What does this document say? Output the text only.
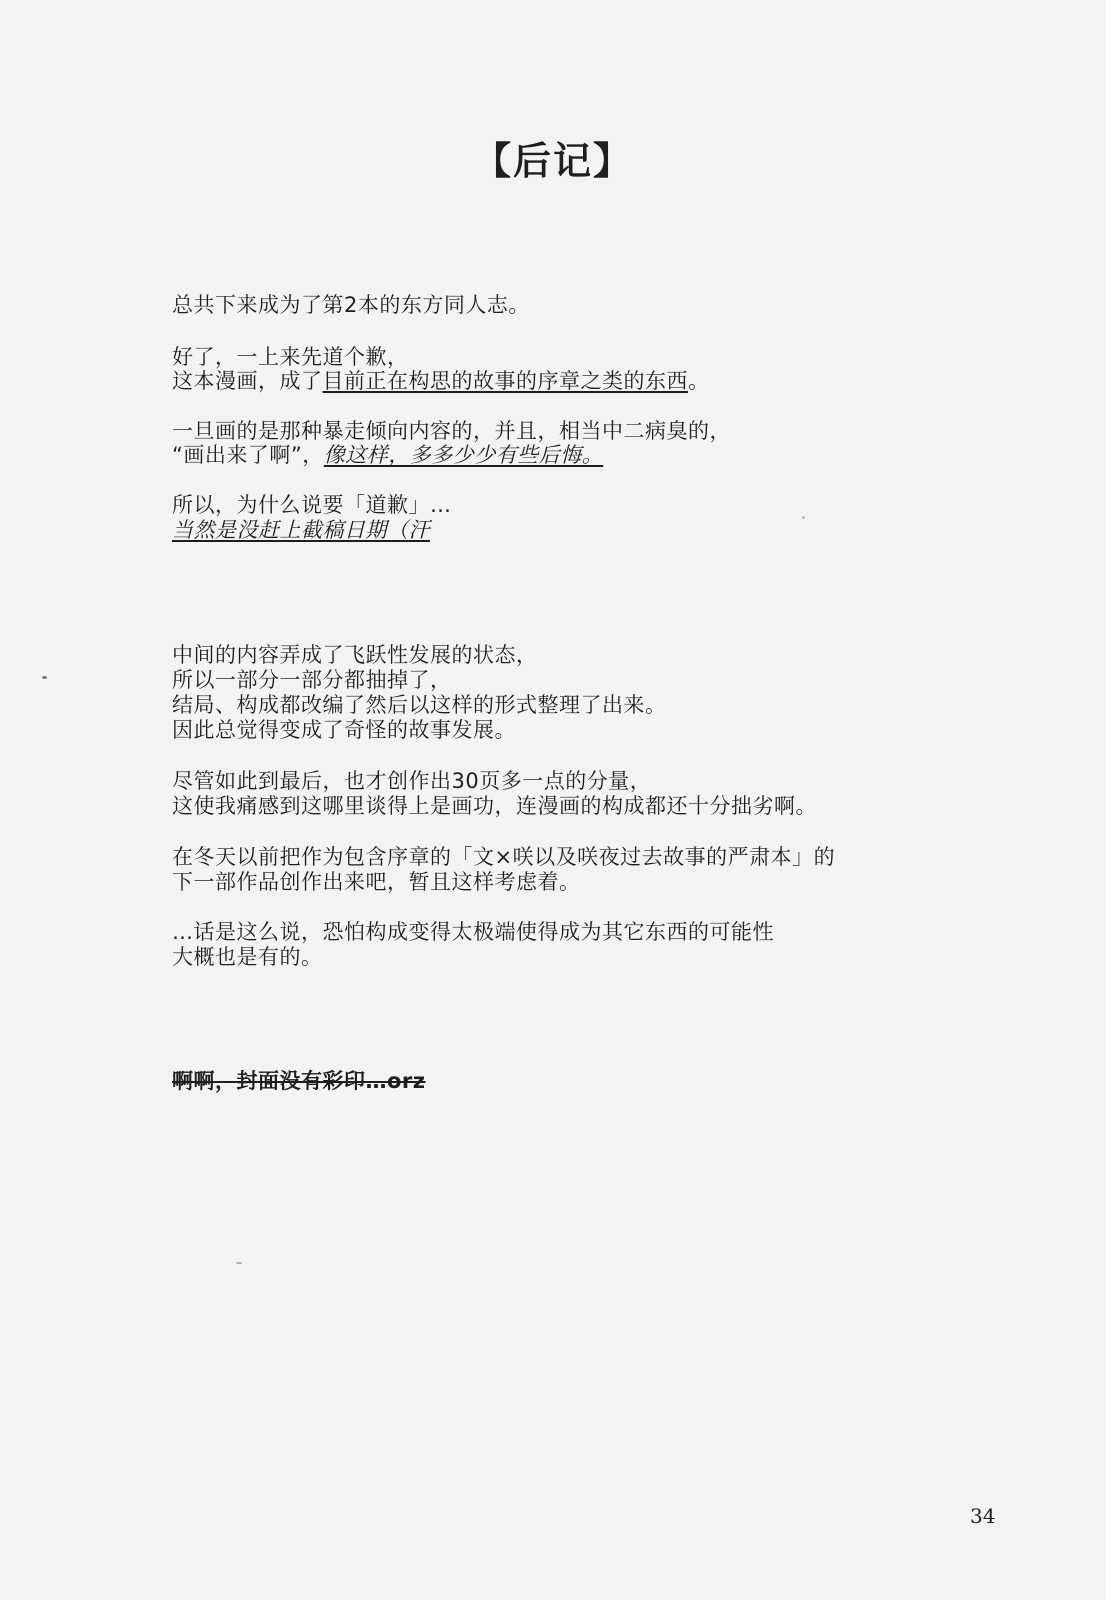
【后记】
总共下来成为了第2本的东方同人志。
好了，一上来先道个歉，
这本漫画，成了目前正在构思的故事的序章之类的东西。
一旦画的是那种暴走倾向内容的，并且，相当中二病臭的，
“画出来了啊”，像这样，多多少少有些后悔。
所以，为什么说要「道歉」…
当然是没赶上截稿日期（汗
中间的内容弄成了飞跃性发展的状态，
所以一部分一部分都抽掉了，
结局、构成都改编了然后以这样的形式整理了出来。
因此总觉得变成了奇怪的故事发展。
尽管如此到最后，也才创作出30页多一点的分量，
这使我痛感到这哪里谈得上是画功，连漫画的构成都还十分拙劣啊。
在冬天以前把作为包含序章的「文×咲以及咲夜过去故事的严肃本」的
下一部作品创作出来吧，暂且这样考虑着。
…话是这么说，恐怕构成变得太极端使得成为其它东西的可能性
大概也是有的。
啊啊，封面没有彩印…orz
34
